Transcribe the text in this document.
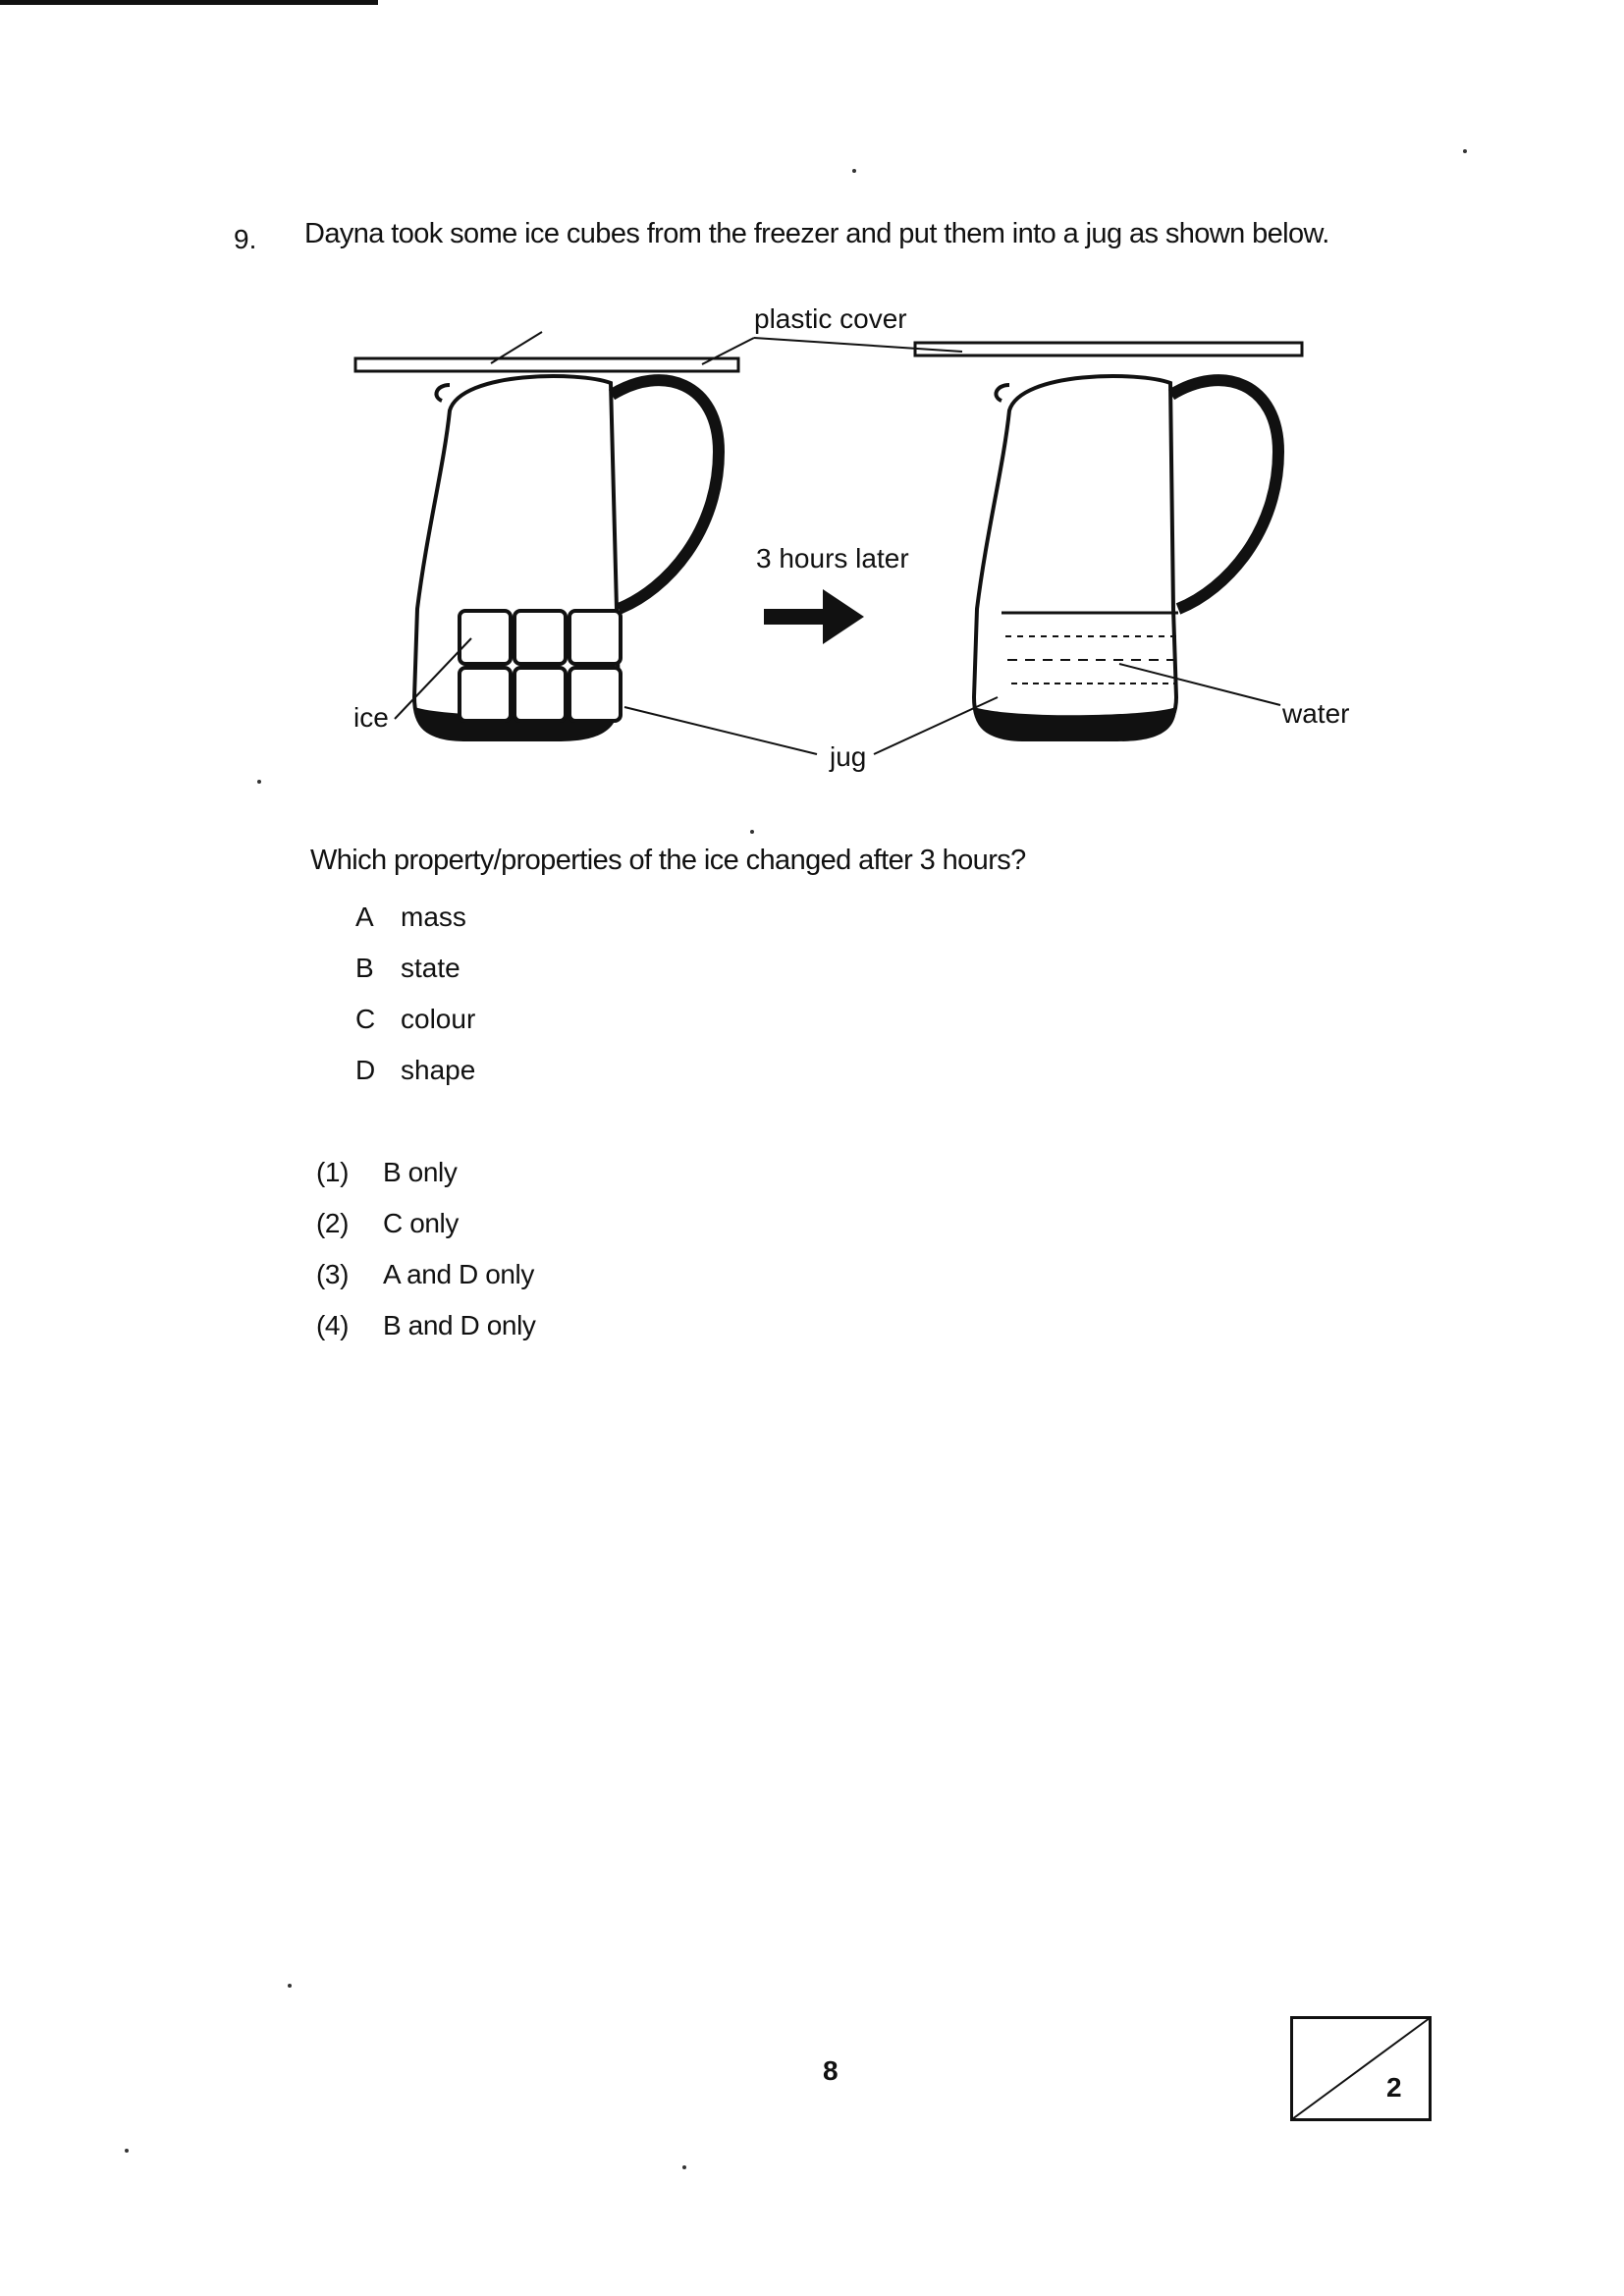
9. Dayna took some ice cubes from the freezer and put them into a jug as shown below.
plastic cover
3 hours later
ice
jug
water
Which property/properties of the ice changed after 3 hours?
A mass
B state
C colour
D shape
(1)	B only
(2)	C only
(3)	A and D only
(4)	B and D only
8
2
